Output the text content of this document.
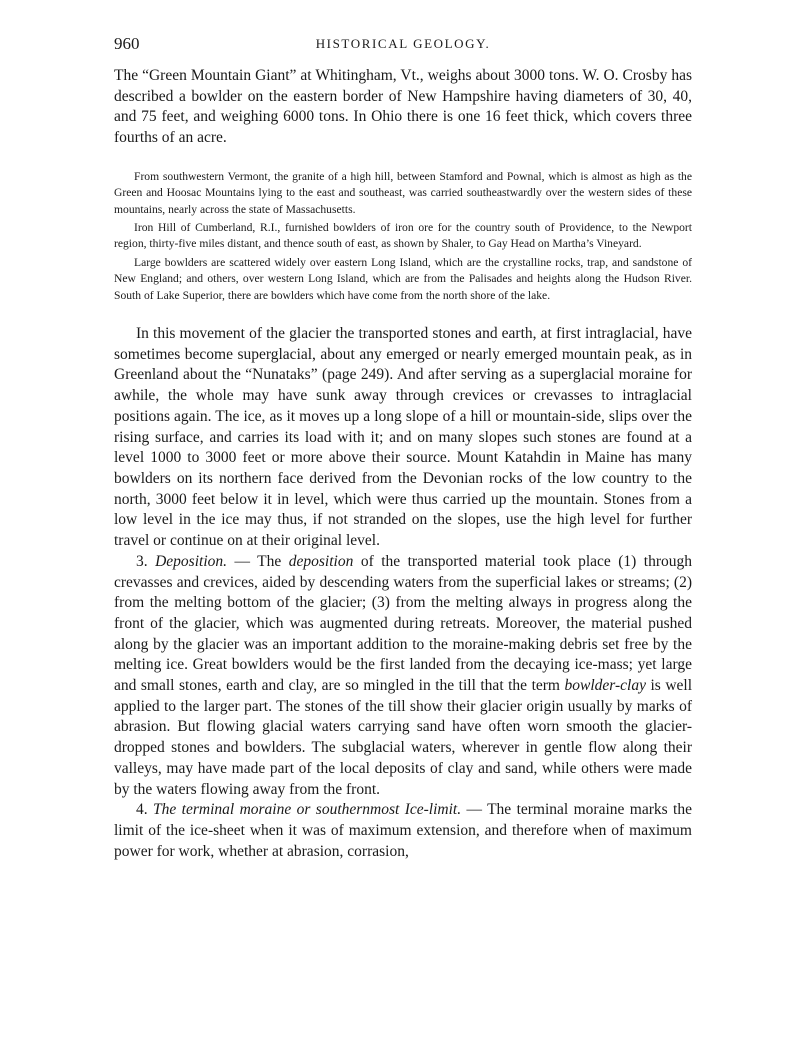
960	HISTORICAL GEOLOGY.

The “Green Mountain Giant” at Whitingham, Vt., weighs about 3000 tons. W. O. Crosby has described a bowlder on the eastern border of New Hampshire having diameters of 30, 40, and 75 feet, and weighing 6000 tons. In Ohio there is one 16 feet thick, which covers three fourths of an acre.

From southwestern Vermont, the granite of a high hill, between Stamford and Pownal, which is almost as high as the Green and Hoosac Mountains lying to the east and southeast, was carried southeastwardly over the western sides of these mountains, nearly across the state of Massachusetts.

Iron Hill of Cumberland, R.I., furnished bowlders of iron ore for the country south of Providence, to the Newport region, thirty-five miles distant, and thence south of east, as shown by Shaler, to Gay Head on Martha’s Vineyard.

Large bowlders are scattered widely over eastern Long Island, which are the crystalline rocks, trap, and sandstone of New England; and others, over western Long Island, which are from the Palisades and heights along the Hudson River. South of Lake Superior, there are bowlders which have come from the north shore of the lake.

In this movement of the glacier the transported stones and earth, at first intraglacial, have sometimes become superglacial, about any emerged or nearly emerged mountain peak, as in Greenland about the “Nunataks” (page 249). And after serving as a superglacial moraine for awhile, the whole may have sunk away through crevices or crevasses to intraglacial positions again. The ice, as it moves up a long slope of a hill or mountain-side, slips over the rising surface, and carries its load with it; and on many slopes such stones are found at a level 1000 to 3000 feet or more above their source. Mount Katahdin in Maine has many bowlders on its northern face derived from the Devonian rocks of the low country to the north, 3000 feet below it in level, which were thus carried up the mountain. Stones from a low level in the ice may thus, if not stranded on the slopes, use the high level for further travel or continue on at their original level.

3. Deposition. — The deposition of the transported material took place (1) through crevasses and crevices, aided by descending waters from the superficial lakes or streams; (2) from the melting bottom of the glacier; (3) from the melting always in progress along the front of the glacier, which was augmented during retreats. Moreover, the material pushed along by the glacier was an important addition to the moraine-making debris set free by the melting ice. Great bowlders would be the first landed from the decaying ice-mass; yet large and small stones, earth and clay, are so mingled in the till that the term bowlder-clay is well applied to the larger part. The stones of the till show their glacier origin usually by marks of abrasion. But flowing glacial waters carrying sand have often worn smooth the glacier-dropped stones and bowlders. The subglacial waters, wherever in gentle flow along their valleys, may have made part of the local deposits of clay and sand, while others were made by the waters flowing away from the front.

4. The terminal moraine or southernmost Ice-limit. — The terminal moraine marks the limit of the ice-sheet when it was of maximum extension, and therefore when of maximum power for work, whether at abrasion, corrasion,
